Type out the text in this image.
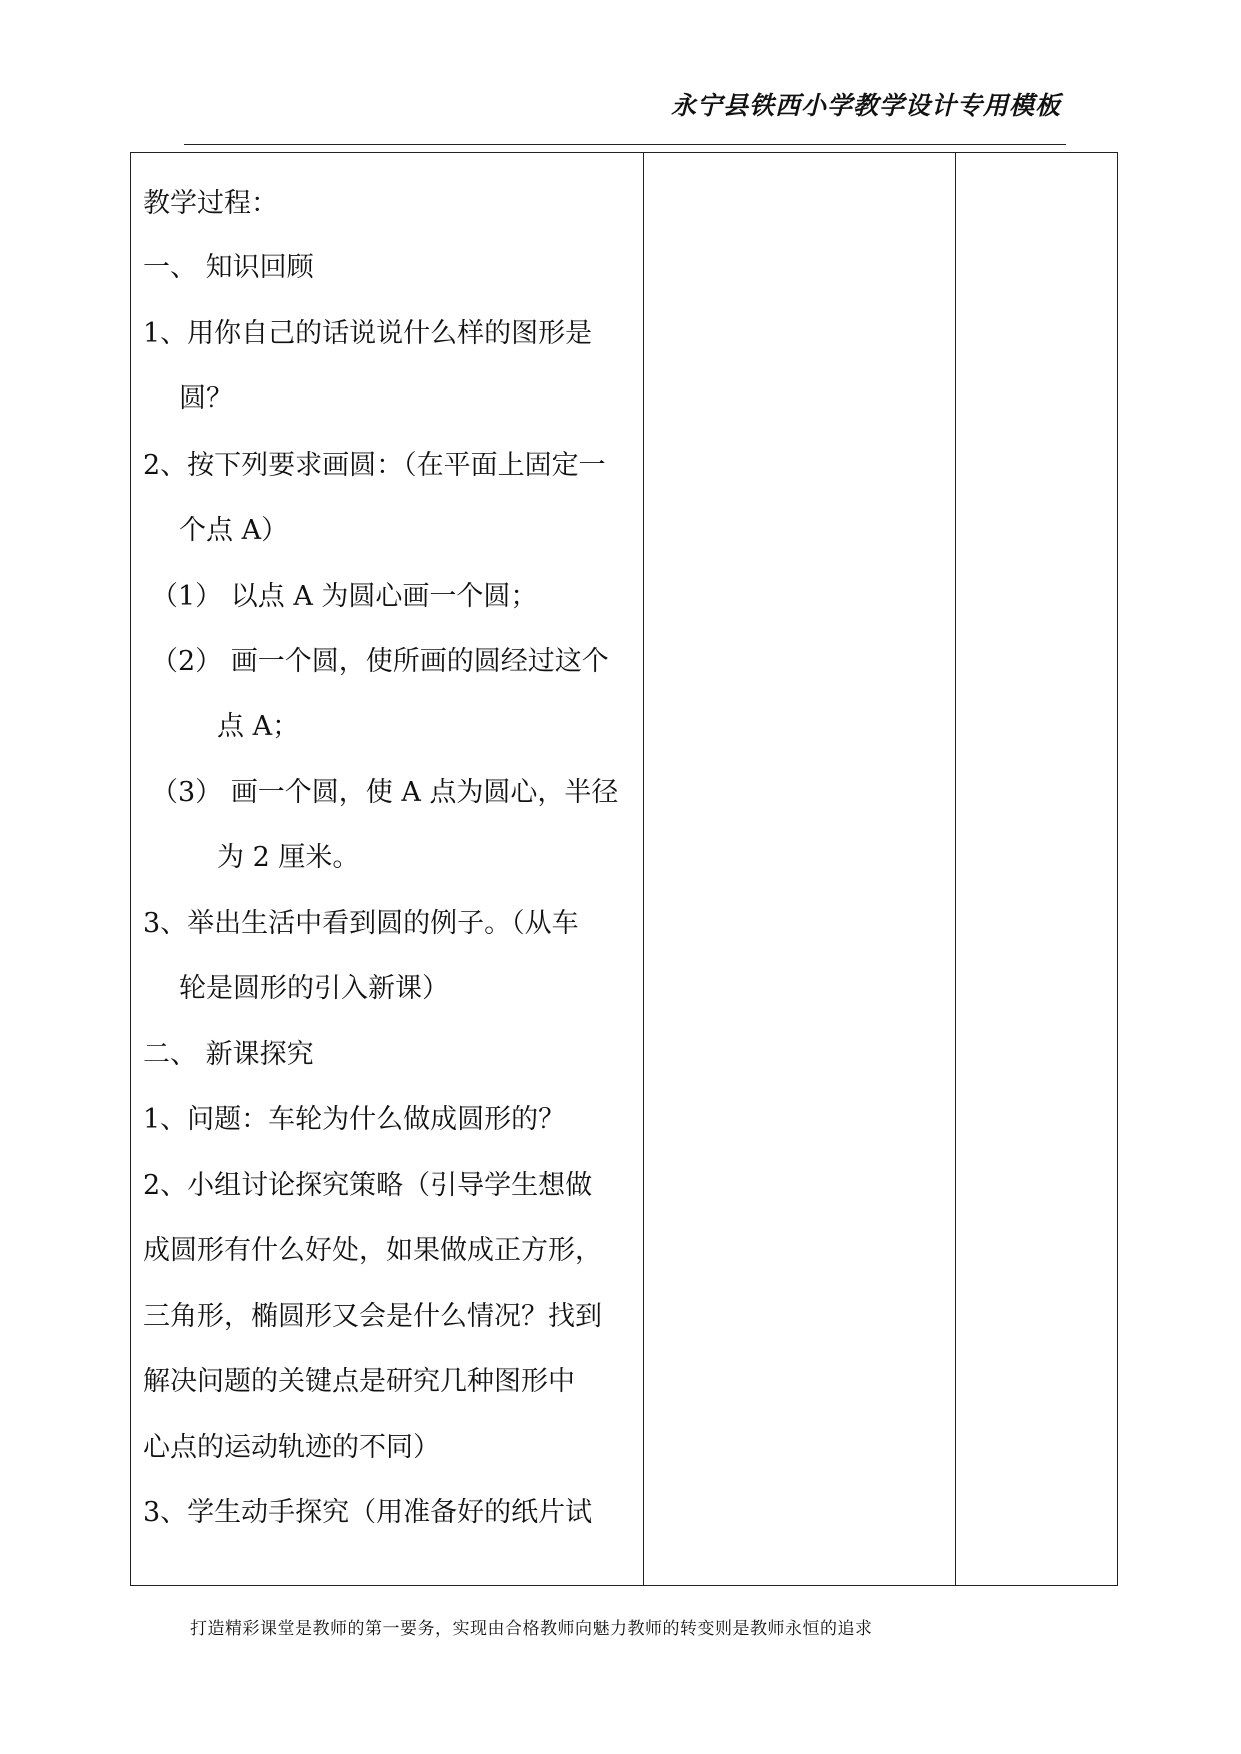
永宁县铁西小学教学设计专用模板
教学过程：
一、 知识回顾
1、用你自己的话说说什么样的图形是
圆？
2、按下列要求画圆：（在平面上固定一
个点 A）
（1） 以点 A 为圆心画一个圆；
（2） 画一个圆，使所画的圆经过这个
点 A；
（3） 画一个圆，使 A 点为圆心，半径
为 2 厘米。
3、举出生活中看到圆的例子。（从车
轮是圆形的引入新课）
二、 新课探究
1、问题：车轮为什么做成圆形的？
2、小组讨论探究策略（引导学生想做
成圆形有什么好处，如果做成正方形，
三角形，椭圆形又会是什么情况？找到
解决问题的关键点是研究几种图形中
心点的运动轨迹的不同）
3、学生动手探究（用准备好的纸片试
打造精彩课堂是教师的第一要务，实现由合格教师向魅力教师的转变则是教师永恒的追求
